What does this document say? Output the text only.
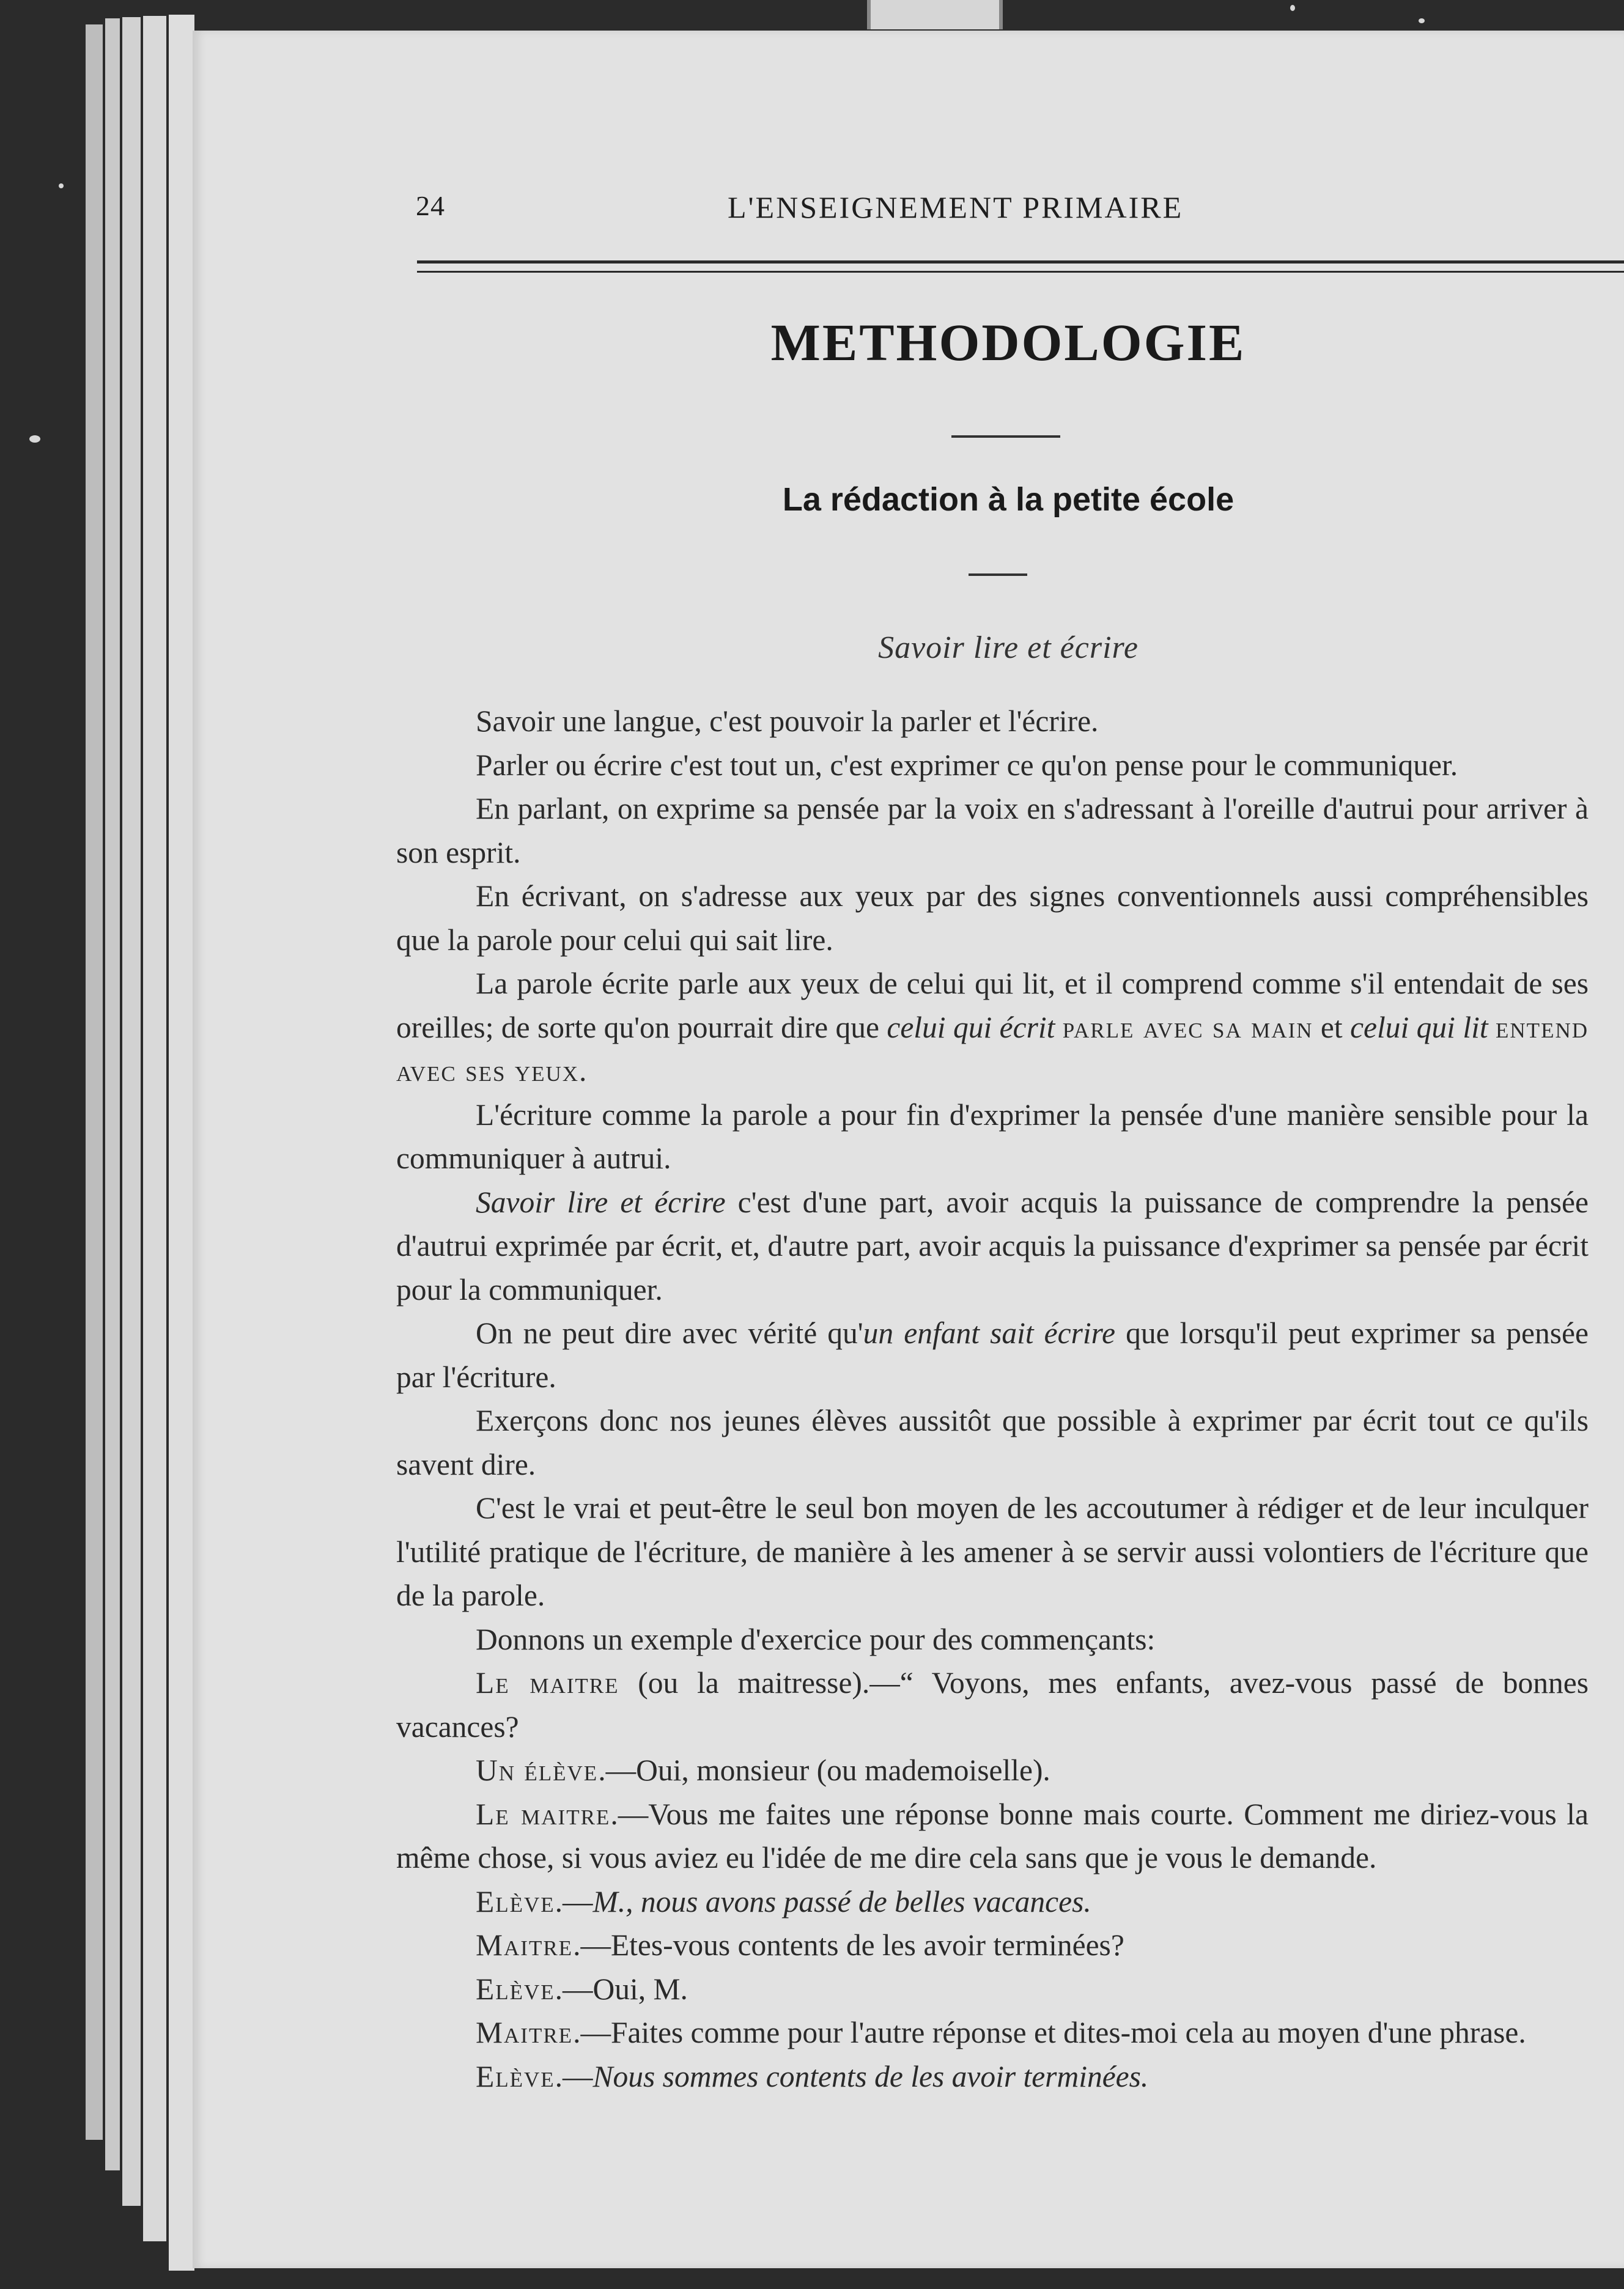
24	L'ENSEIGNEMENT PRIMAIRE
METHODOLOGIE
La rédaction à la petite école
Savoir lire et écrire

Savoir une langue, c'est pouvoir la parler et l'écrire.

Parler ou écrire c'est tout un, c'est exprimer ce qu'on pense pour le communiquer.

En parlant, on exprime sa pensée par la voix en s'adressant à l'oreille d'autrui pour arriver à son esprit.

En écrivant, on s'adresse aux yeux par des signes conventionnels aussi compréhensibles que la parole pour celui qui sait lire.

La parole écrite parle aux yeux de celui qui lit, et il comprend comme s'il entendait de ses oreilles; de sorte qu'on pourrait dire que celui qui écrit parle avec sa main et celui qui lit entend avec ses yeux.

L'écriture comme la parole a pour fin d'exprimer la pensée d'une manière sensible pour la communiquer à autrui.

Savoir lire et écrire c'est d'une part, avoir acquis la puissance de comprendre la pensée d'autrui exprimée par écrit, et, d'autre part, avoir acquis la puissance d'exprimer sa pensée par écrit pour la communiquer.

On ne peut dire avec vérité qu'un enfant sait écrire que lorsqu'il peut exprimer sa pensée par l'écriture.

Exerçons donc nos jeunes élèves aussitôt que possible à exprimer par écrit tout ce qu'ils savent dire.

C'est le vrai et peut-être le seul bon moyen de les accoutumer à rédiger et de leur inculquer l'utilité pratique de l'écriture, de manière à les amener à se servir aussi volontiers de l'écriture que de la parole.

Donnons un exemple d'exercice pour des commençants:

Le maitre (ou la maitresse).—“ Voyons, mes enfants, avez-vous passé de bonnes vacances?

Un élève.—Oui, monsieur (ou mademoiselle).

Le maitre.—Vous me faites une réponse bonne mais courte. Comment me diriez-vous la même chose, si vous aviez eu l'idée de me dire cela sans que je vous le demande.

Elève.—M., nous avons passé de belles vacances.

Maitre.—Etes-vous contents de les avoir terminées?

Elève.—Oui, M.

Maitre.—Faites comme pour l'autre réponse et dites-moi cela au moyen d'une phrase.

Elève.—Nous sommes contents de les avoir terminées.
